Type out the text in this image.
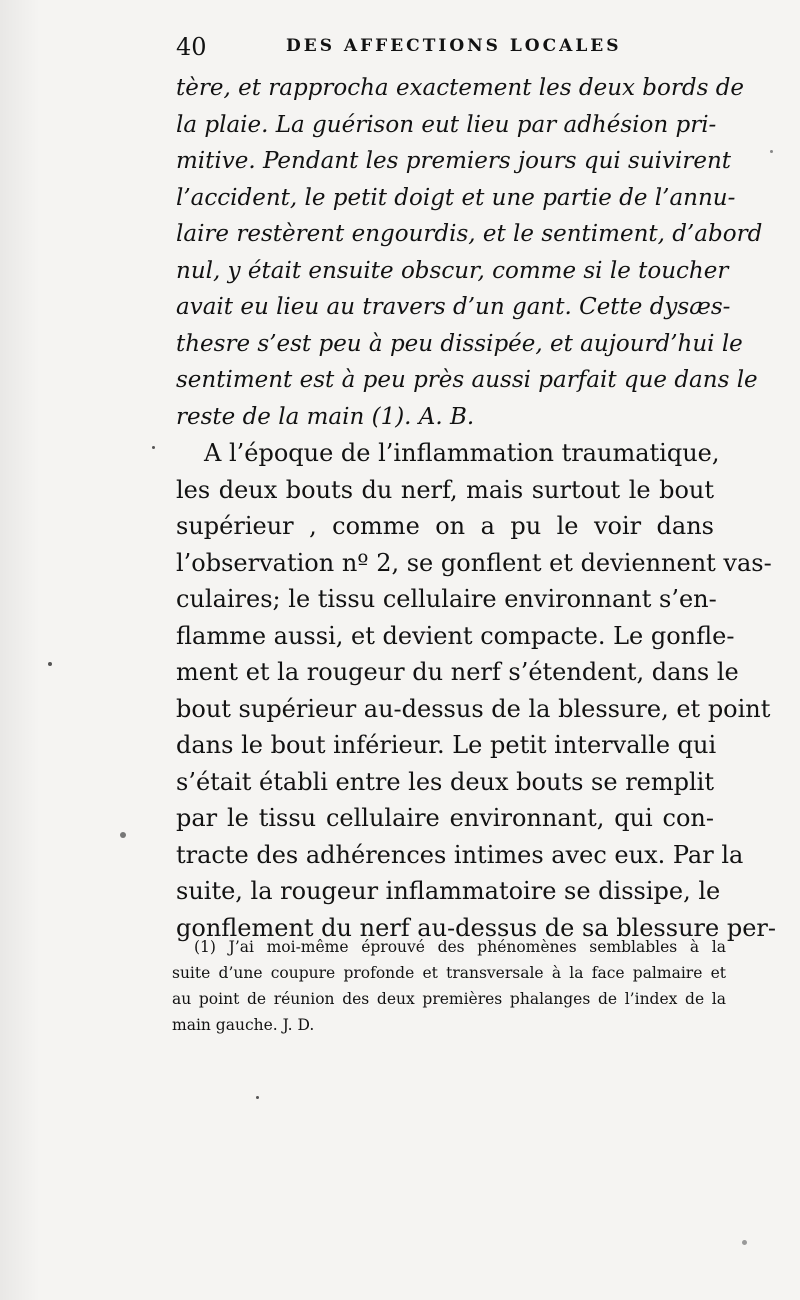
40	DES AFFECTIONS LOCALES
tère, et rapprocha exactement les deux bords de
la plaie. La guérison eut lieu par adhésion pri-
mitive. Pendant les premiers jours qui suivirent
l’accident, le petit doigt et une partie de l’annu-
laire restèrent engourdis, et le sentiment, d’abord
nul, y était ensuite obscur, comme si le toucher
avait eu lieu au travers d’un gant. Cette dysæs-
thesre s’est peu à peu dissipée, et aujourd’hui le
sentiment est à peu près aussi parfait que dans le
reste de la main (1). A. B.
A l’époque de l’inflammation traumatique,
les deux bouts du nerf, mais surtout le bout
supérieur , comme on a pu le voir dans
l’observation nº 2, se gonflent et deviennent vas-
culaires; le tissu cellulaire environnant s’en-
flamme aussi, et devient compacte. Le gonfle-
ment et la rougeur du nerf s’étendent, dans le
bout supérieur au-dessus de la blessure, et point
dans le bout inférieur. Le petit intervalle qui
s’était établi entre les deux bouts se remplit
par le tissu cellulaire environnant, qui con-
tracte des adhérences intimes avec eux. Par la
suite, la rougeur inflammatoire se dissipe, le
gonflement du nerf au-dessus de sa blessure per-
(1) J’ai moi-même éprouvé des phénomènes semblables à la
suite d’une coupure profonde et transversale à la face palmaire et
au point de réunion des deux premières phalanges de l’index de la
main gauche. J. D.
